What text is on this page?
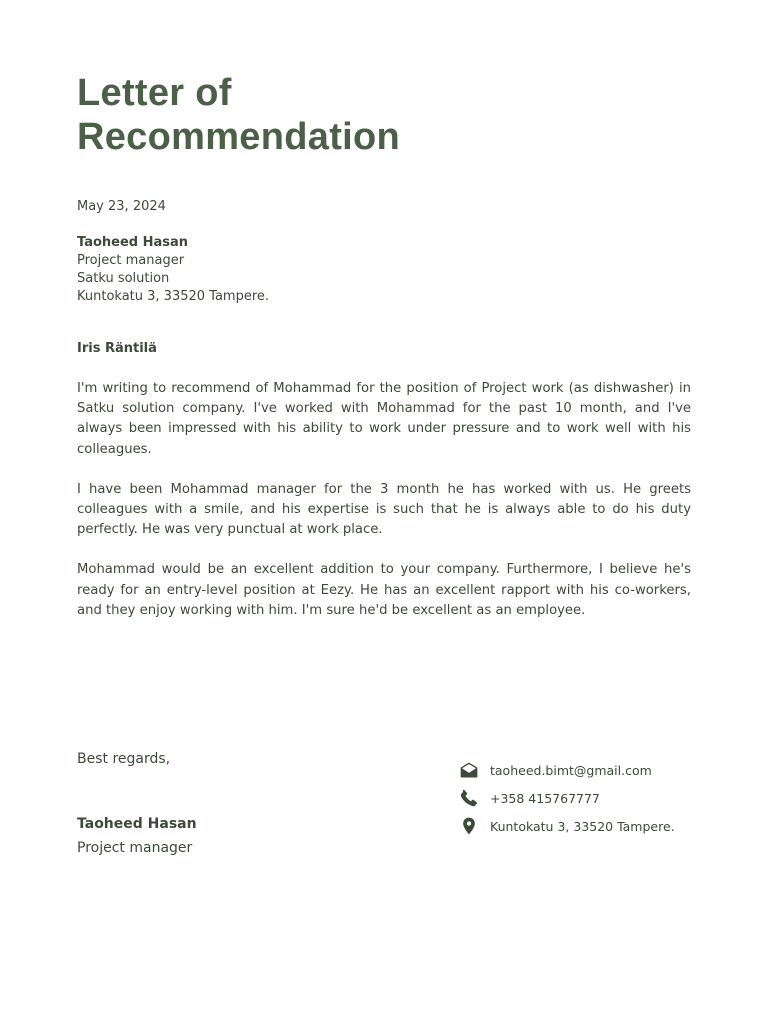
Letter of Recommendation
May 23, 2024
Taoheed Hasan
Project manager
Satku solution
Kuntokatu 3, 33520 Tampere.
Iris Räntilä

I'm writing to recommend of Mohammad for the position of Project work (as dishwasher) in Satku solution company. I've worked with Mohammad for the past 10 month, and I've always been impressed with his ability to work under pressure and to work well with his colleagues.

I have been Mohammad manager for the 3 month he has worked with us. He greets colleagues with a smile, and his expertise is such that he is always able to do his duty perfectly. He was very punctual at work place.

Mohammad would be an excellent addition to your company. Furthermore, I believe he's ready for an entry-level position at Eezy. He has an excellent rapport with his co-workers, and they enjoy working with him. I'm sure he'd be excellent as an employee.

Best regards,
Taoheed Hasan
Project manager
taoheed.bimt@gmail.com
+358 415767777
Kuntokatu 3, 33520 Tampere.
